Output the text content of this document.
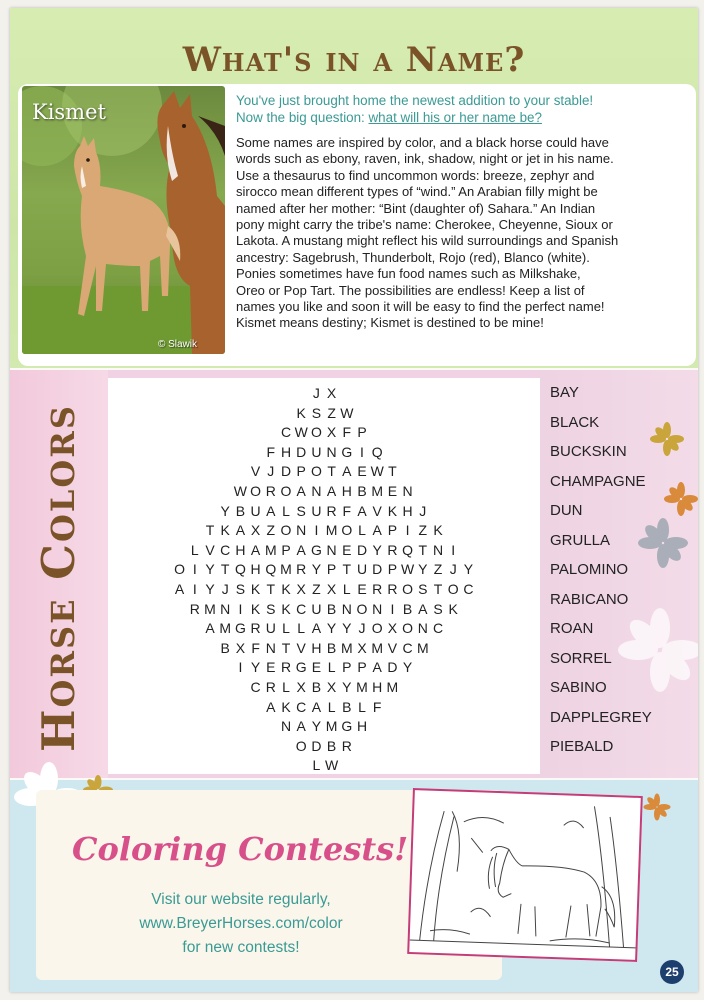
What's in a Name?
Kismet
© Slawik
You've just brought home the newest addition to your stable!
Now the big question: what will his or her name be?
Some names are inspired by color, and a black horse could have
words such as ebony, raven, ink, shadow, night or jet in his name.
Use a thesaurus to find uncommon words: breeze, zephyr and
sirocco mean different types of “wind.” An Arabian filly might be
named after her mother: “Bint (daughter of) Sahara.” An Indian
pony might carry the tribe's name: Cherokee, Cheyenne, Sioux or
Lakota. A mustang might reflect his wild surroundings and Spanish
ancestry: Sagebrush, Thunderbolt, Rojo (red), Blanco (white).
Ponies sometimes have fun food names such as Milkshake,
Oreo or Pop Tart. The possibilities are endless! Keep a list of
names you like and soon it will be easy to find the perfect name!
Kismet means destiny; Kismet is destined to be mine!
Horse Colors
J X
K S Z W
C W O X F P
F H D U N G I Q
V J D P O T A E W T
W O R O A N A H B M E N
Y B U A L S U R F A V K H J
T K A X Z O N I M O L A P I Z K
L V C H A M P A G N E D Y R Q T N I
O I Y T Q H Q M R Y P T U D P W Y Z J Y
A I Y J S K T K X Z X L E R R O S T O C
R M N I K S K C U B N O N I B A S K
A M G R U L L A Y Y J O X O N C
B X F N T V H B M X M V C M
I Y E R G E L P P A D Y
C R L X B X Y M H M
A K C A L B L F
N A Y M G H
O D B R
L W
BAY
BLACK
BUCKSKIN
CHAMPAGNE
DUN
GRULLA
PALOMINO
RABICANO
ROAN
SORREL
SABINO
DAPPLEGREY
PIEBALD
Coloring Contests!
Visit our website regularly,
www.BreyerHorses.com/color
for new contests!
25
